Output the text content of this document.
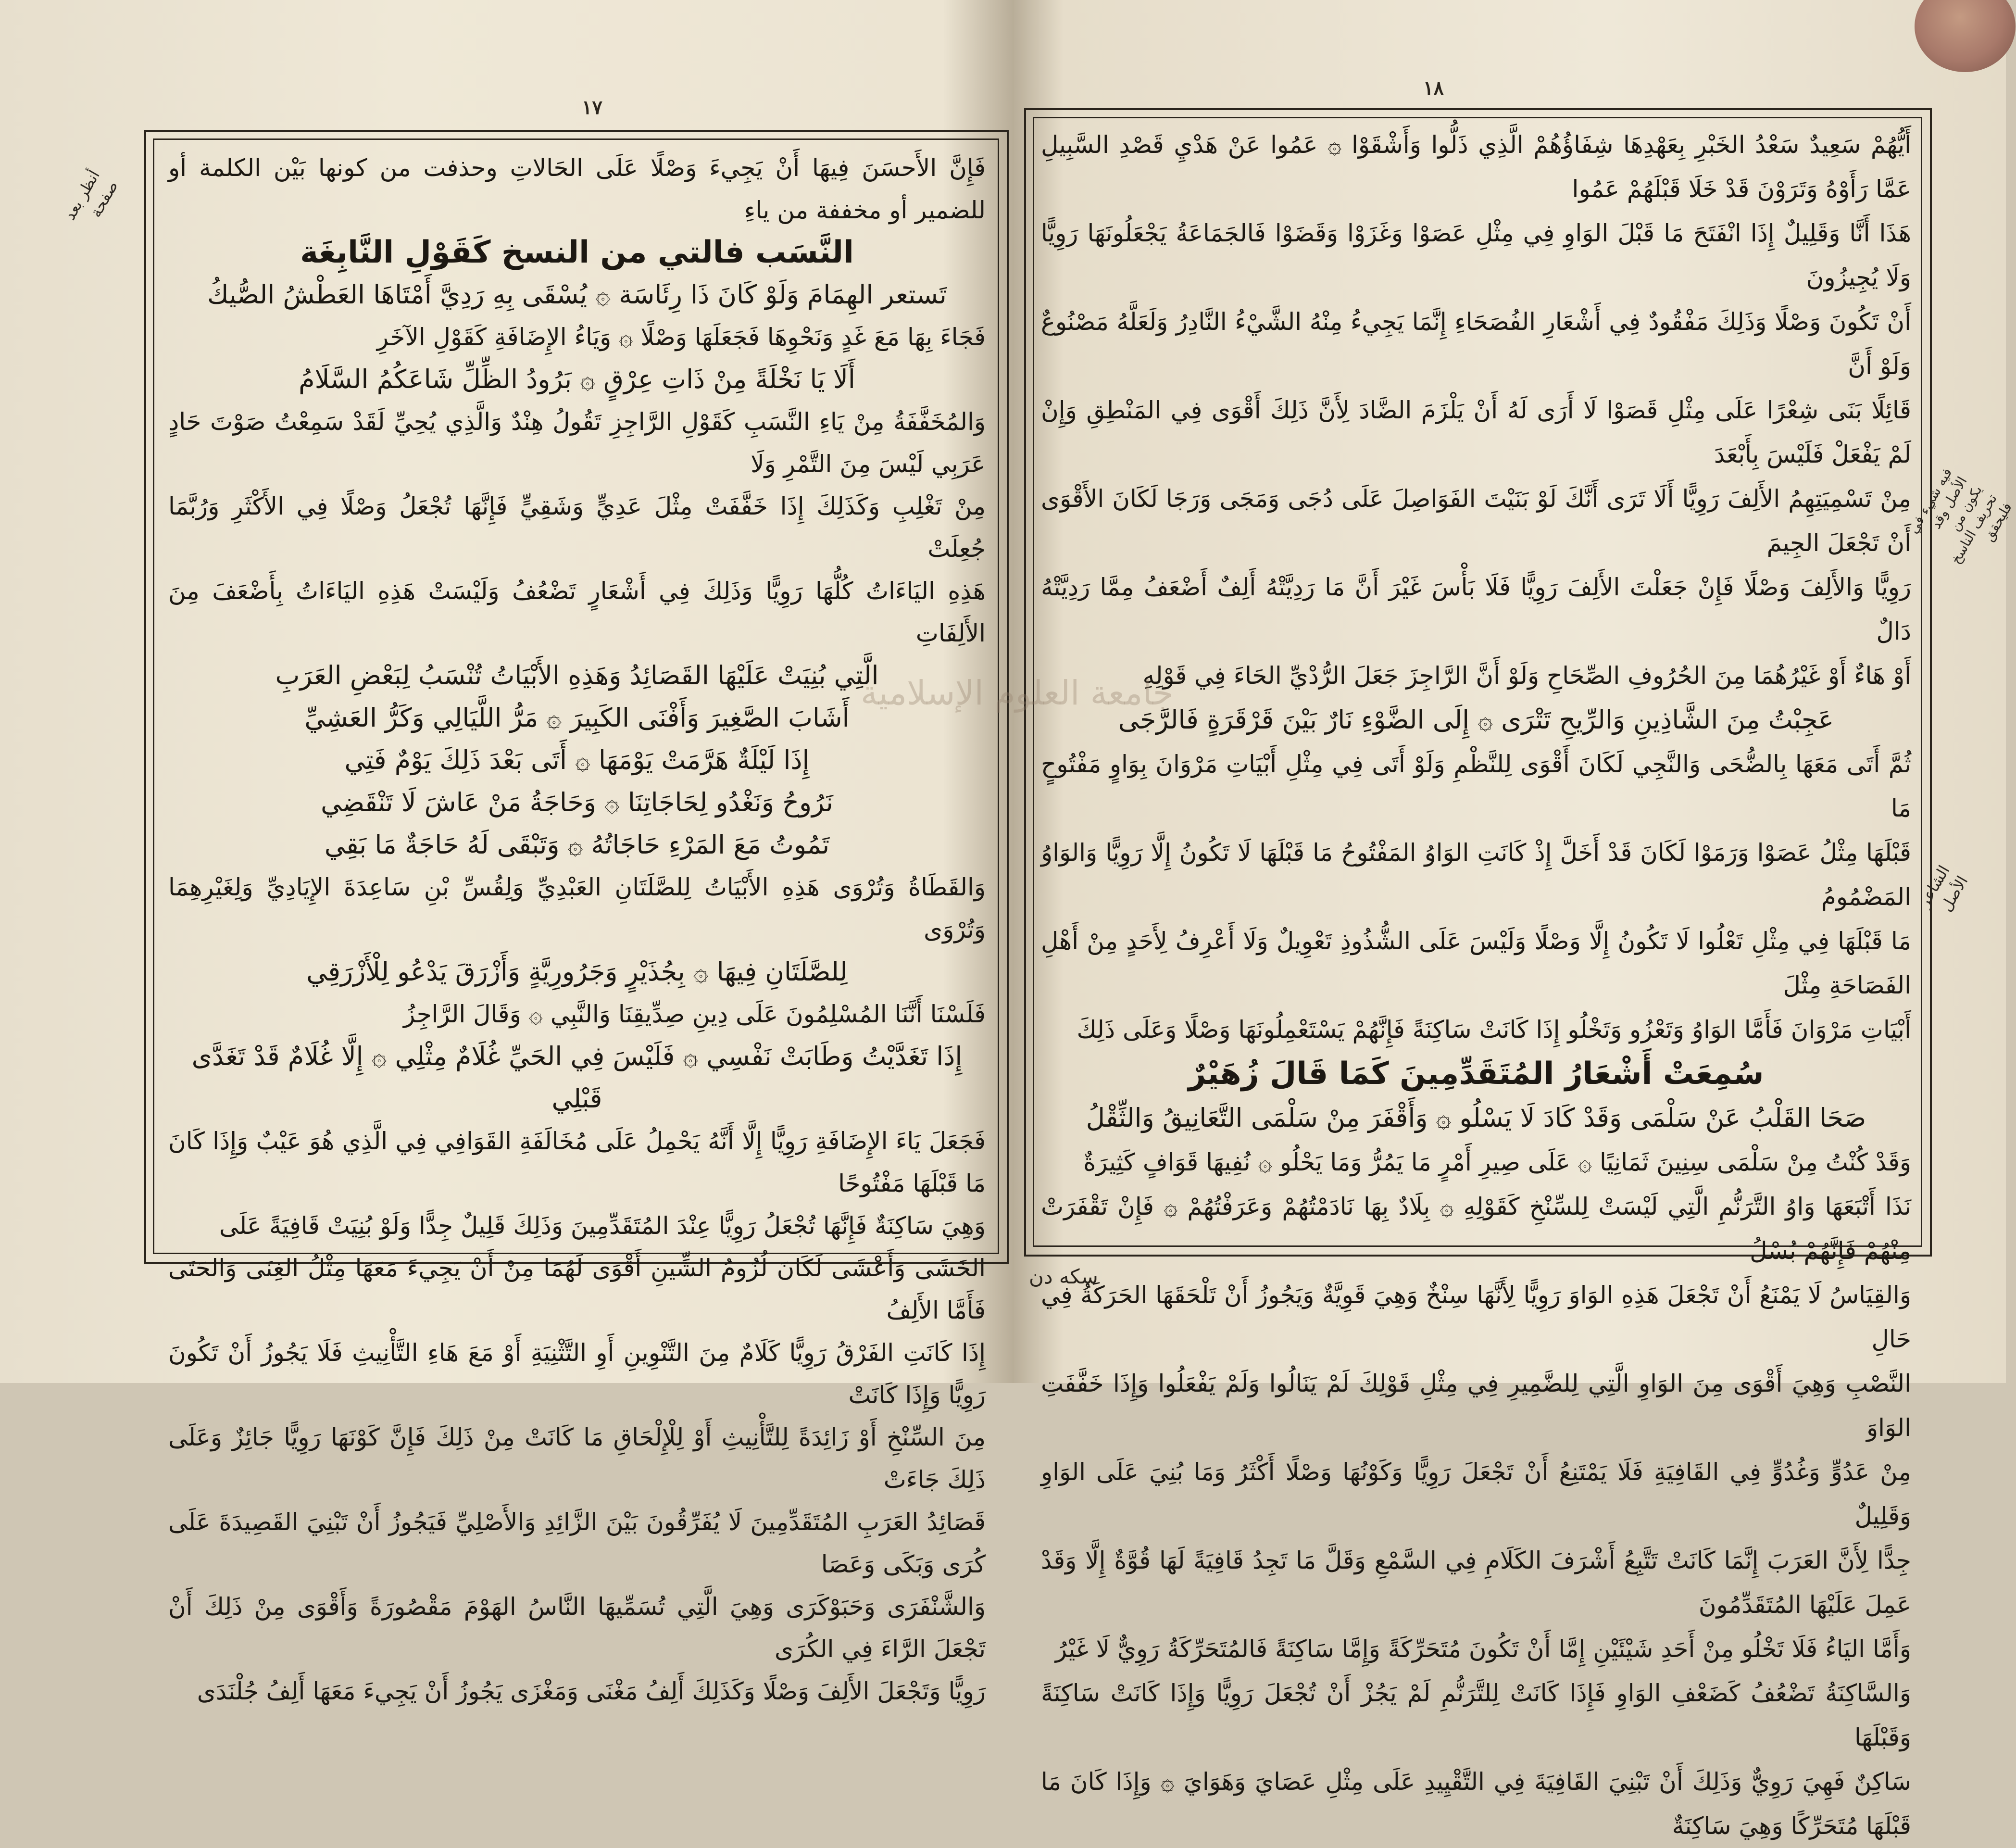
١٧

فَإِنَّ الأَحسَنَ فِيهَا أَنْ يَجِيءَ وَصْلًا عَلَى الحَالاتِ وحذفت من كونها بَيْن الكلمة أو للضمير أو مخففة من ياءِ

النَّسَب فالتي من النسخ كَقَوْلِ النَّابِغَة

تَستعر الهِمَامَ وَلَوْ كَانَ ذَا رِئَاسَة ۞ يُسْقَى بِهِ رَدِيَّ أَمْتَاهَا العَطْشُ الصُّيكُ

فَجَاءَ بِهَا مَعَ غَدٍ وَنَحْوِهَا فَجَعَلَهَا وَصْلًا ۞ وَيَاءُ الإِضَافَةِ كَقَوْلِ الآخَرِ

أَلَا يَا نَخْلَةً مِنْ ذَاتِ عِرْقٍ ۞ بَرُودُ الظِّلِّ شَاعَكُمُ السَّلَامُ

وَالمُخَفَّفَةُ مِنْ يَاءِ النَّسَبِ كَقَوْلِ الرَّاجِزِ تَقُولُ هِنْدٌ وَالَّذِي يُحِيِّ لَقَدْ سَمِعْتُ صَوْتَ حَادٍ عَرَبِي لَيْسَ مِنَ التَّمْرِ وَلَا

مِنْ تَغْلِبِ وَكَذَلِكَ إِذَا خَفَّفَتْ مِثْلَ عَدِيٍّ وَشَقِيٍّ فَإِنَّهَا تُجْعَلُ وَصْلًا فِي الأَكْثَرِ وَرُبَّمَا جُعِلَتْ

هَذِهِ اليَاءَاتُ كُلُّهَا رَوِيًّا وَذَلِكَ فِي أَشْعَارٍ تَضْعُفُ وَلَيْسَتْ هَذِهِ اليَاءَاتُ بِأَضْعَفَ مِنَ الأَلِفَاتِ

الَّتِي بُنِيَتْ عَلَيْهَا القَصَائِدُ وَهَذِهِ الأَبْيَاتُ تُنْسَبُ لِبَعْضِ العَرَبِ

أَشَابَ الصَّغِيرَ وَأَفْنَى الكَبِيرَ ۞ مَرُّ اللَّيَالِي وَكَرُّ العَشِيِّ

إِذَا لَيْلَةٌ هَرَّمَتْ يَوْمَهَا ۞ أَتَى بَعْدَ ذَلِكَ يَوْمٌ فَتِي

نَرُوحُ وَنَغْدُو لِحَاجَاتِنَا ۞ وَحَاجَةُ مَنْ عَاشَ لَا تَنْقَضِي

تَمُوتُ مَعَ المَرْءِ حَاجَاتُهُ ۞ وَتَبْقَى لَهُ حَاجَةٌ مَا بَقِي

وَالقَطَاةُ وَتُرْوَى هَذِهِ الأَبْيَاتُ لِلصَّلَتَانِ العَبْدِيِّ وَلِقُسِّ بْنِ سَاعِدَةَ الإِيَادِيِّ وَلِغَيْرِهِمَا وَتُرْوَى

لِلصَّلَتَانِ فِيهَا ۞ بِجُذَيْرٍ وَجَرُورِيَّةٍ وَأَزْرَقَ يَدْعُو لِلْأَزْرَقِي

فَلَسْنَا أَنَّنَا المُسْلِمُونَ عَلَى دِينِ صِدِّيقِنَا وَالنَّبِي ۞ وَقَالَ الرَّاجِزُ

إِذَا تَغَدَّيْتُ وَطَابَتْ نَفْسِي ۞ فَلَيْسَ فِي الحَيِّ غُلَامٌ مِثْلِي ۞ إِلَّا غُلَامٌ قَدْ تَغَدَّى قَبْلِي

فَجَعَلَ يَاءَ الإِضَافَةِ رَوِيًّا إِلَّا أَنَّهُ يَحْمِلُ عَلَى مُخَالَفَةِ القَوَافِي فِي الَّذِي هُوَ عَيْبٌ وَإِذَا كَانَ مَا قَبْلَهَا مَفْتُوحًا

وَهِيَ سَاكِنَةٌ فَإِنَّهَا تُجْعَلُ رَوِيًّا عِنْدَ المُتَقَدِّمِينَ وَذَلِكَ قَلِيلٌ جِدًّا وَلَوْ بُنِيَتْ قَافِيَةً عَلَى

الخَشَى وَأَعْشَى لَكَانَ لُزُومُ الشِّينِ أَقْوَى لَهُمَا مِنْ أَنْ يَجِيءَ مَعَهَا مِثْلُ الغِنَى وَالحَتَى فَأَمَّا الأَلِفُ

إِذَا كَانَتِ الفَرْقُ رَوِيًّا كَلَامٌ مِنَ التَّنْوِينِ أَوِ التَّثْنِيَةِ أَوْ مَعَ هَاءِ التَّأْنِيثِ فَلَا يَجُوزُ أَنْ تَكُونَ رَوِيًّا وَإِذَا كَانَتْ

مِنَ السِّنْخِ أَوْ زَائِدَةً لِلتَّأْنِيثِ أَوْ لِلْإِلْحَاقِ مَا كَانَتْ مِنْ ذَلِكَ فَإِنَّ كَوْنَهَا رَوِيًّا جَائِزٌ وَعَلَى ذَلِكَ جَاءَتْ

قَصَائِدُ العَرَبِ المُتَقَدِّمِينَ لَا يُفَرِّقُونَ بَيْنَ الزَّائِدِ وَالأَصْلِيِّ فَيَجُوزُ أَنْ تَبْنِيَ القَصِيدَةَ عَلَى كُرَى وَبَكَى وَعَصَا

وَالشَّنْفَرَى وَحَبَوْكَرَى وَهِيَ الَّتِي تُسَمِّيهَا النَّاسُ الهَوْمَ مَقْصُورَةً وَأَقْوَى مِنْ ذَلِكَ أَنْ تَجْعَلَ الرَّاءَ فِي الكُرَى

رَوِيًّا وَتَجْعَلَ الأَلِفَ وَصْلًا وَكَذَلِكَ أَلِفُ مَغْنَى وَمَغْزَى يَجُوزُ أَنْ يَجِيءَ مَعَهَا أَلِفُ جُلْنَدَى

١٨

أَيُّهُمْ سَعِيدٌ سَعْدُ الخَبْرِ بِعَهْدِهَا شِفَاؤُهُمْ الَّذِي ذَلُّوا وَأَشْقَوْا ۞ عَمُوا عَنْ هَدْيِ قَصْدِ السَّبِيلِ عَمَّا رَأَوْهُ وَتَرَوْنَ قَدْ خَلَا قَبْلَهُمْ عَمُوا

هَذَا أَنَّا وَقَلِيلٌ إِذَا انْفَتَحَ مَا قَبْلَ الوَاوِ فِي مِثْلِ عَصَوْا وَغَزَوْا وَقَضَوْا فَالجَمَاعَةُ يَجْعَلُونَهَا رَوِيًّا وَلَا يُجِيزُونَ

أَنْ تَكُونَ وَصْلًا وَذَلِكَ مَفْقُودٌ فِي أَشْعَارِ الفُصَحَاءِ إِنَّمَا يَجِيءُ مِنْهُ الشَّيْءُ النَّادِرُ وَلَعَلَّهُ مَصْنُوعٌ وَلَوْ أَنَّ

قَائِلًا بَنَى شِعْرًا عَلَى مِثْلِ قَصَوْا لَا أَرَى لَهُ أَنْ يَلْزَمَ الضَّادَ لِأَنَّ ذَلِكَ أَقْوَى فِي المَنْطِقِ وَإِنْ لَمْ يَفْعَلْ فَلَيْسَ بِأَبْعَدَ

مِنْ تَسْمِيَتِهِمُ الأَلِفَ رَوِيًّا أَلَا تَرَى أَنَّكَ لَوْ بَنَيْتَ الفَوَاصِلَ عَلَى دُجَى وَمَجَى وَرَجَا لَكَانَ الأَقْوَى أَنْ تَجْعَلَ الجِيمَ

رَوِيًّا وَالأَلِفَ وَصْلًا فَإِنْ جَعَلْتَ الأَلِفَ رَوِيًّا فَلَا بَأْسَ غَيْرَ أَنَّ مَا رَدِيَّتْهُ أَلِفٌ أَضْعَفُ مِمَّا رَدِيَّتْهُ دَالٌ

أَوْ هَاءٌ أَوْ غَيْرُهُمَا مِنَ الحُرُوفِ الصِّحَاحِ وَلَوْ أَنَّ الرَّاجِزَ جَعَلَ الرُّدْيِّ الحَاءَ فِي قَوْلِهِ

عَجِبْتُ مِنَ الشَّاذِينِ وَالرِّيحِ تَتْرَى ۞ إِلَى الضَّوْءِ نَارٌ بَيْنَ قَرْقَرَةٍ فَالرَّجَى

ثُمَّ أَتَى مَعَهَا بِالضُّحَى وَالنَّجِي لَكَانَ أَقْوَى لِلنَّظْمِ وَلَوْ أَتَى فِي مِثْلِ أَبْيَاتِ مَرْوَانَ بِوَاوٍ مَفْتُوحٍ مَا

قَبْلَهَا مِثْلُ عَصَوْا وَرَمَوْا لَكَانَ قَدْ أَخَلَّ إِذْ كَانَتِ الوَاوُ المَفْتُوحُ مَا قَبْلَهَا لَا تَكُونُ إِلَّا رَوِيًّا وَالوَاوُ المَضْمُومُ

مَا قَبْلَهَا فِي مِثْلِ تَعْلُوا لَا تَكُونُ إِلَّا وَصْلًا وَلَيْسَ عَلَى الشُّذُوذِ تَعْوِيلٌ وَلَا أَعْرِفُ لِأَحَدٍ مِنْ أَهْلِ الفَصَاحَةِ مِثْلَ

أَبْيَاتِ مَرْوَانَ فَأَمَّا الوَاوُ وَتَعْزُو وَتَخْلُو إِذَا كَانَتْ سَاكِنَةً فَإِنَّهُمْ يَسْتَعْمِلُونَهَا وَصْلًا وَعَلَى ذَلِكَ

سُمِعَتْ أَشْعَارُ المُتَقَدِّمِينَ كَمَا قَالَ زُهَيْرٌ

صَحَا القَلْبُ عَنْ سَلْمَى وَقَدْ كَادَ لَا يَسْلُو ۞ وَأَقْفَرَ مِنْ سَلْمَى التَّعَانِيقُ وَالثِّقْلُ

وَقَدْ كُنْتُ مِنْ سَلْمَى سِنِينَ ثَمَانِيًا ۞ عَلَى صِيرِ أَمْرٍ مَا يَمُرُّ وَمَا يَحْلُو ۞ نُفِيهَا قَوَافٍ كَثِيرَةٌ

نَذَا أَتْبَعَهَا وَاوُ التَّرَنُّمِ الَّتِي لَيْسَتْ لِلسِّنْخِ كَقَوْلِهِ ۞ بِلَادٌ بِهَا نَادَمْتُهُمْ وَعَرَفْتُهُمْ ۞ فَإِنْ تَقْفَرَتْ مِنْهُمْ فَإِنَّهُمْ بُسْلُ

وَالقِيَاسُ لَا يَمْنَعُ أَنْ تَجْعَلَ هَذِهِ الوَاوَ رَوِيًّا لِأَنَّهَا سِنْخٌ وَهِيَ قَوِيَّةٌ وَيَجُوزُ أَنْ تَلْحَقَهَا الحَرَكَةُ فِي حَالِ

النَّصْبِ وَهِيَ أَقْوَى مِنَ الوَاوِ الَّتِي لِلضَّمِيرِ فِي مِثْلِ قَوْلِكَ لَمْ يَنَالُوا وَلَمْ يَفْعَلُوا وَإِذَا خَفَّفَتِ الوَاوَ

مِنْ عَدُوٍّ وَغُدُوٍّ فِي القَافِيَةِ فَلَا يَمْتَنِعُ أَنْ تَجْعَلَ رَوِيًّا وَكَوْنُهَا وَصْلًا أَكْثَرُ وَمَا بُنِيَ عَلَى الوَاوِ وَقَلِيلٌ

جِدًّا لِأَنَّ العَرَبَ إِنَّمَا كَانَتْ تَتَّبِعُ أَشْرَفَ الكَلَامِ فِي السَّمْعِ وَقَلَّ مَا تَجِدُ قَافِيَةً لَهَا قُوَّةٌ إِلَّا وَقَدْ عَمِلَ عَلَيْهَا المُتَقَدِّمُونَ

وَأَمَّا اليَاءُ فَلَا تَخْلُو مِنْ أَحَدِ شَيْئَيْنِ إِمَّا أَنْ تَكُونَ مُتَحَرِّكَةً وَإِمَّا سَاكِنَةً فَالمُتَحَرِّكَةُ رَوِيٌّ لَا غَيْرُ

وَالسَّاكِنَةُ تَضْعُفُ كَضَعْفِ الوَاوِ فَإِذَا كَانَتْ لِلتَّرَنُّمِ لَمْ يَجُزْ أَنْ تُجْعَلَ رَوِيًّا وَإِذَا كَانَتْ سَاكِنَةً وَقَبْلَهَا

سَاكِنٌ فَهِيَ رَوِيٌّ وَذَلِكَ أَنْ تَبْنِيَ القَافِيَةَ فِي التَّقْيِيدِ عَلَى مِثْلِ عَصَايَ وَهَوَايَ ۞ وَإِذَا كَانَ مَا قَبْلَهَا مُتَحَرِّكًا وَهِيَ سَاكِنَةٌ

سكه دن
أنظر بعد صفحة
فيه شيء في الأصل وقد يكون من تحريف الناسخ فليحقق
الشاعر الأصل
جامعة العلوم الإسلامية
